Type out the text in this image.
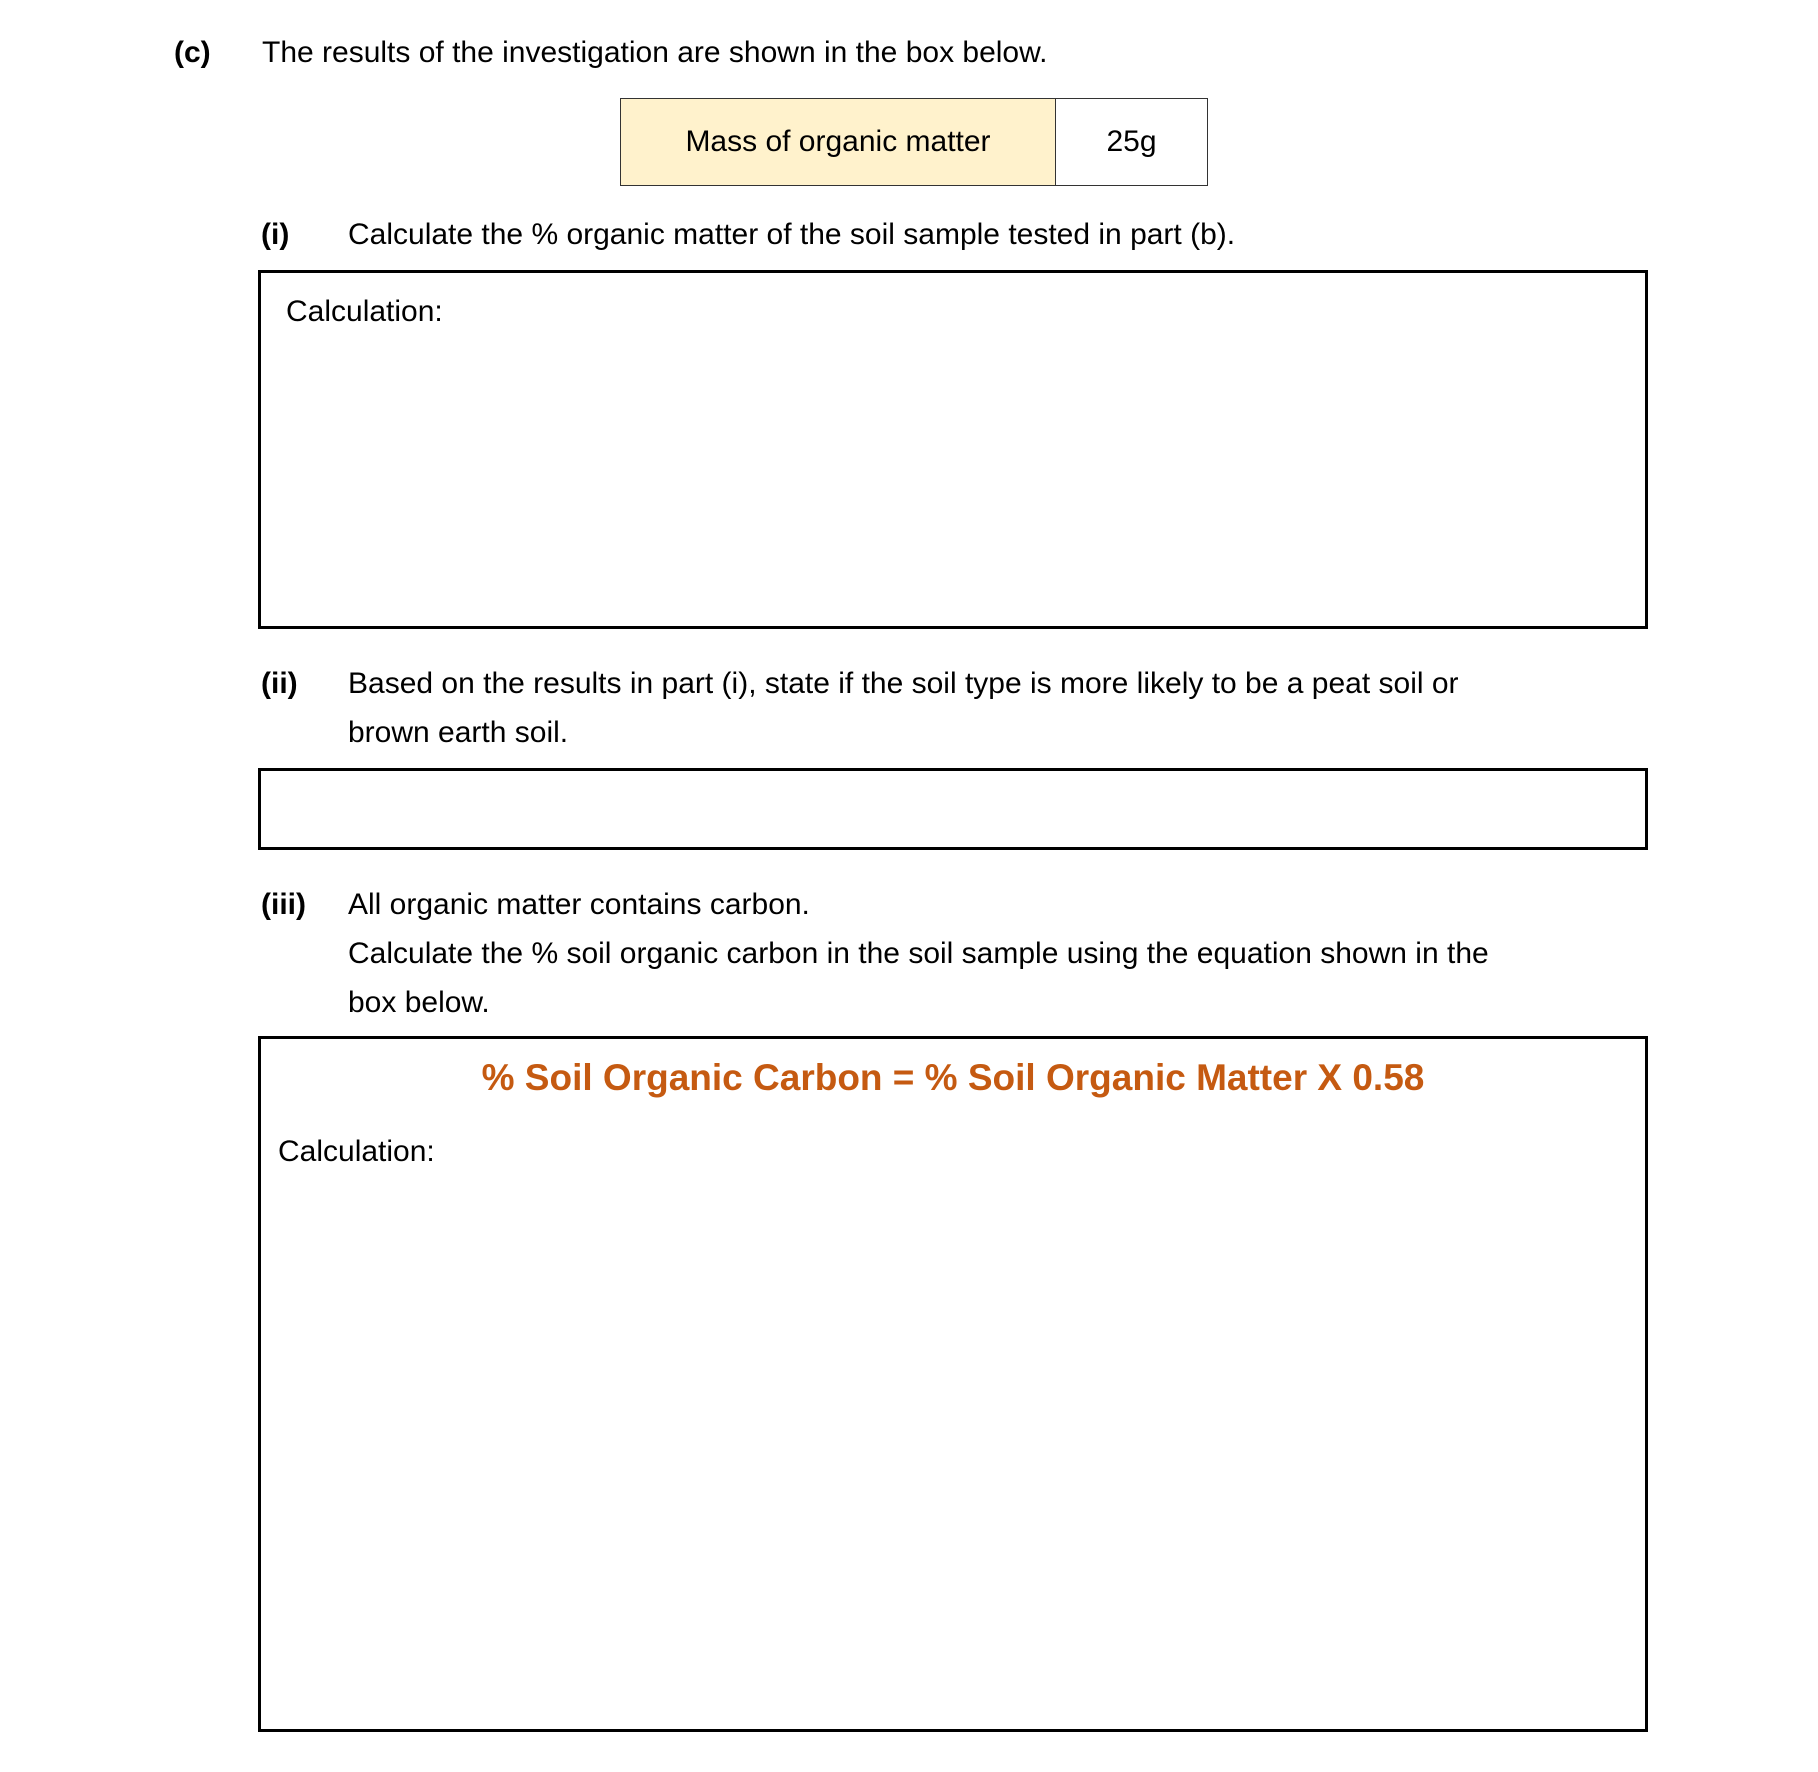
(c) The results of the investigation are shown in the box below.
Mass of organic matter	25g
(i) Calculate the % organic matter of the soil sample tested in part (b).
Calculation:
(ii) Based on the results in part (i), state if the soil type is more likely to be a peat soil or
brown earth soil.
(iii) All organic matter contains carbon.
Calculate the % soil organic carbon in the soil sample using the equation shown in the
box below.
% Soil Organic Carbon = % Soil Organic Matter X 0.58
Calculation:
